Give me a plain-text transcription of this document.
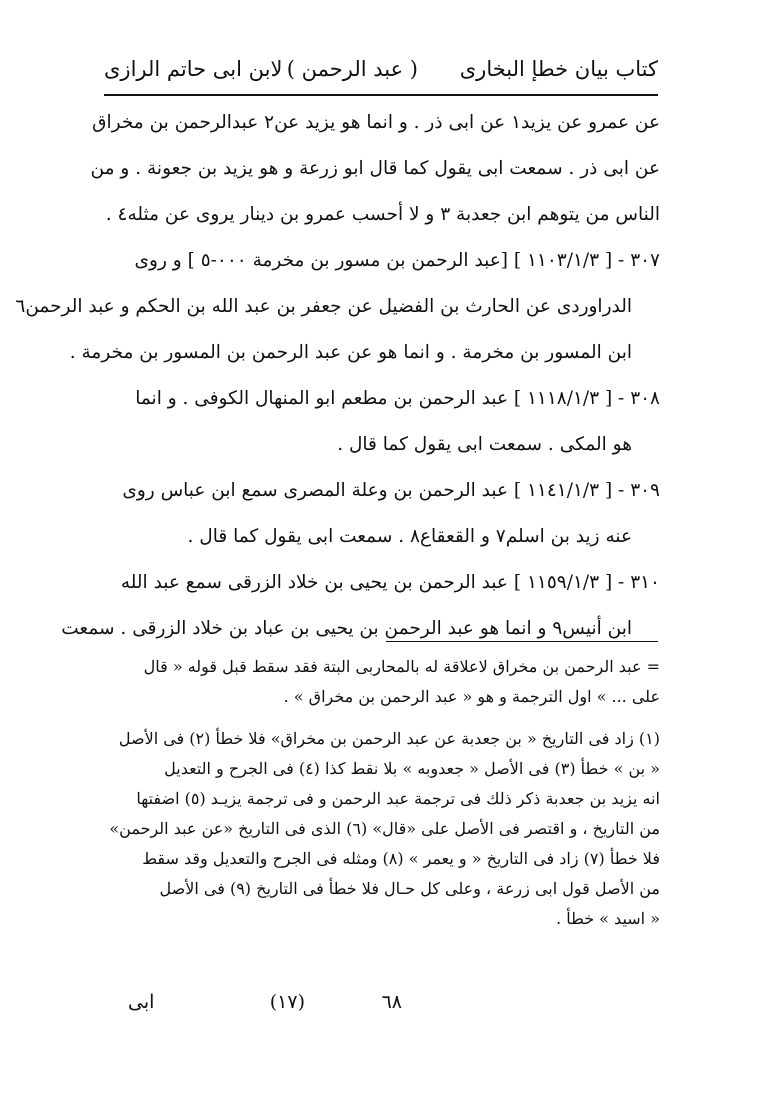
كتاب بيان خطإ البخارى
( عبد الرحمن )
لابن ابى حاتم الرازى
عن عمرو عن يزيد١ عن ابى ذر . و انما هو يزيد عن٢ عبدالرحمن بن مخراق
عن ابى ذر . سمعت ابى يقول كما قال ابو زرعة و هو يزيد بن جعونة . و من
الناس من يتوهم ابن جعدبة ٣ و لا أحسب عمرو بن دينار يروى عن مثله٤ .
٣٠٧ - [ ١١٠٣/١/٣ ] [عبد الرحمن بن مسور بن مخرمة ٠٠٠-٥ ] و روى
الدراوردى عن الحارث بن الفضيل عن جعفر بن عبد الله بن الحكم و عبد الرحمن٦
ابن المسور بن مخرمة . و انما هو عن عبد الرحمن بن المسور بن مخرمة .
٣٠٨ - [ ١١١٨/١/٣ ] عبد الرحمن بن مطعم ابو المنهال الكوفى . و انما
هو المكى . سمعت ابى يقول كما قال .
٣٠٩ - [ ١١٤١/١/٣ ] عبد الرحمن بن وعلة المصرى سمع ابن عباس روى
عنه زيد بن اسلم٧ و القعقاع٨ . سمعت ابى يقول كما قال .
٣١٠ - [ ١١٥٩/١/٣ ] عبد الرحمن بن يحيى بن خلاد الزرقى سمع عبد الله
ابن أنيس٩ و انما هو عبد الرحمن بن يحيى بن عباد بن خلاد الزرقى . سمعت
= عبد الرحمن بن مخراق لاعلاقة له بالمحاربى البتة فقد سقط قبل قوله « قال
على ... » اول الترجمة و هو « عبد الرحمن بن مخراق » .
(١) زاد فى التاريخ « بن جعدبة عن عبد الرحمن بن مخراق» فلا خطأ (٢) فى الأصل
« بن » خطأ (٣) فى الأصل « جعدوبه » بلا نقط كذا (٤) فى الجرح و التعديل
انه يزيد بن جعدبة ذكر ذلك فى ترجمة عبد الرحمن و فى ترجمة يزيـد (٥) اضفتها
من التاريخ ، و اقتصر فى الأصل على «قال» (٦) الذى فى التاريخ «عن عبد الرحمن»
فلا خطأ (٧) زاد فى التاريخ « و يعمر » (٨) ومثله فى الجرح والتعديل وقد سقط
من الأصل قول ابى زرعة ، وعلى كل حـال فلا خطأ فى التاريخ (٩) فى الأصل
« اسيد » خطأ .
٦٨
(١٧)
ابى
